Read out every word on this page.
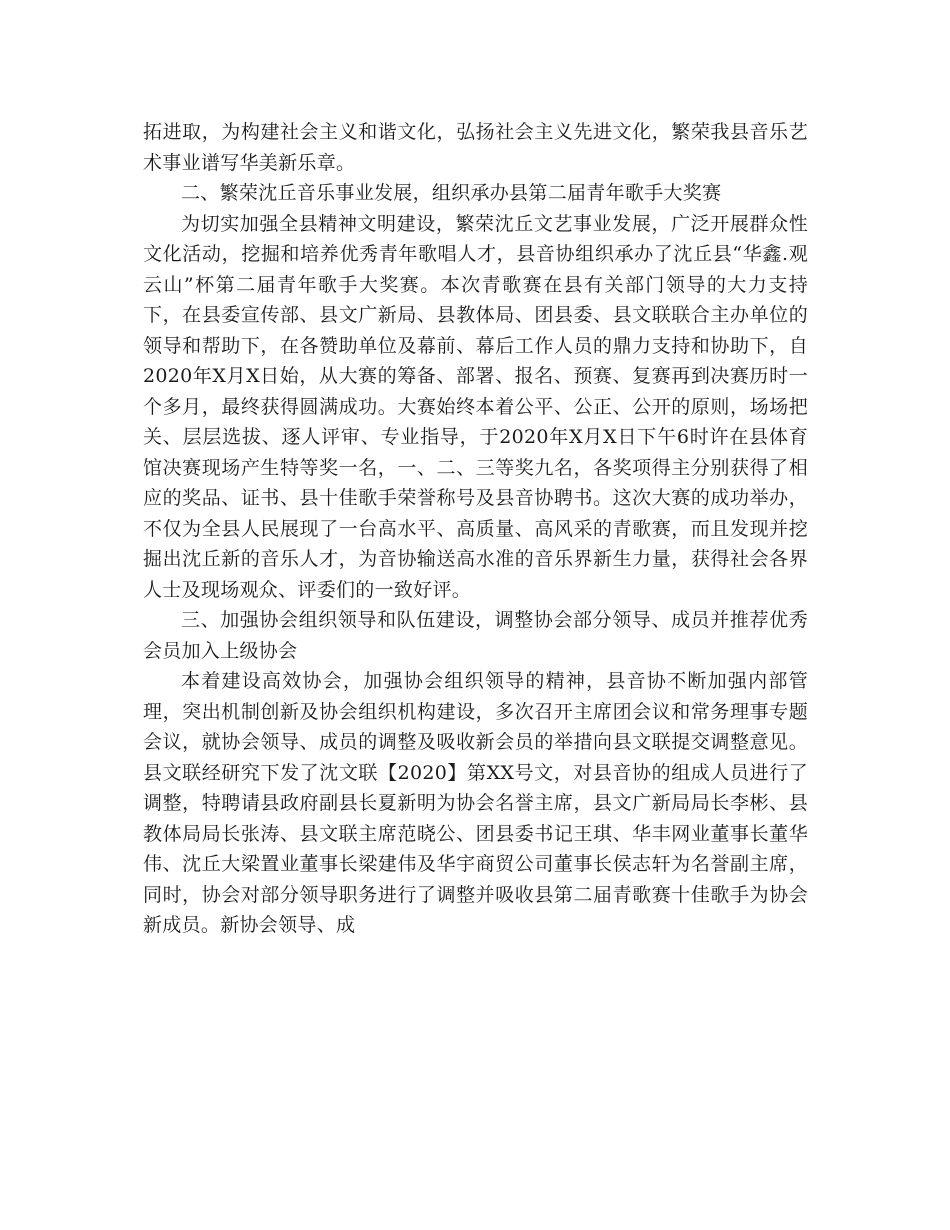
拓进取，为构建社会主义和谐文化，弘扬社会主义先进文化，繁荣我县音乐艺术事业谱写华美新乐章。

二、繁荣沈丘音乐事业发展，组织承办县第二届青年歌手大奖赛

为切实加强全县精神文明建设，繁荣沈丘文艺事业发展，广泛开展群众性文化活动，挖掘和培养优秀青年歌唱人才，县音协组织承办了沈丘县“华鑫.观云山”杯第二届青年歌手大奖赛。本次青歌赛在县有关部门领导的大力支持下，在县委宣传部、县文广新局、县教体局、团县委、县文联联合主办单位的领导和帮助下，在各赞助单位及幕前、幕后工作人员的鼎力支持和协助下，自2020年X月X日始，从大赛的筹备、部署、报名、预赛、复赛再到决赛历时一个多月，最终获得圆满成功。大赛始终本着公平、公正、公开的原则，场场把关、层层选拔、逐人评审、专业指导，于2020年X月X日下午6时许在县体育馆决赛现场产生特等奖一名，一、二、三等奖九名，各奖项得主分别获得了相应的奖品、证书、县十佳歌手荣誉称号及县音协聘书。这次大赛的成功举办，不仅为全县人民展现了一台高水平、高质量、高风采的青歌赛，而且发现并挖掘出沈丘新的音乐人才，为音协输送高水准的音乐界新生力量，获得社会各界人士及现场观众、评委们的一致好评。

三、加强协会组织领导和队伍建设，调整协会部分领导、成员并推荐优秀会员加入上级协会

本着建设高效协会，加强协会组织领导的精神，县音协不断加强内部管理，突出机制创新及协会组织机构建设，多次召开主席团会议和常务理事专题会议，就协会领导、成员的调整及吸收新会员的举措向县文联提交调整意见。县文联经研究下发了沈文联【2020】第XX号文，对县音协的组成人员进行了调整，特聘请县政府副县长夏新明为协会名誉主席，县文广新局局长李彬、县教体局局长张涛、县文联主席范晓公、团县委书记王琪、华丰网业董事长董华伟、沈丘大梁置业董事长梁建伟及华宇商贸公司董事长侯志轩为名誉副主席，同时，协会对部分领导职务进行了调整并吸收县第二届青歌赛十佳歌手为协会新成员。新协会领导、成
